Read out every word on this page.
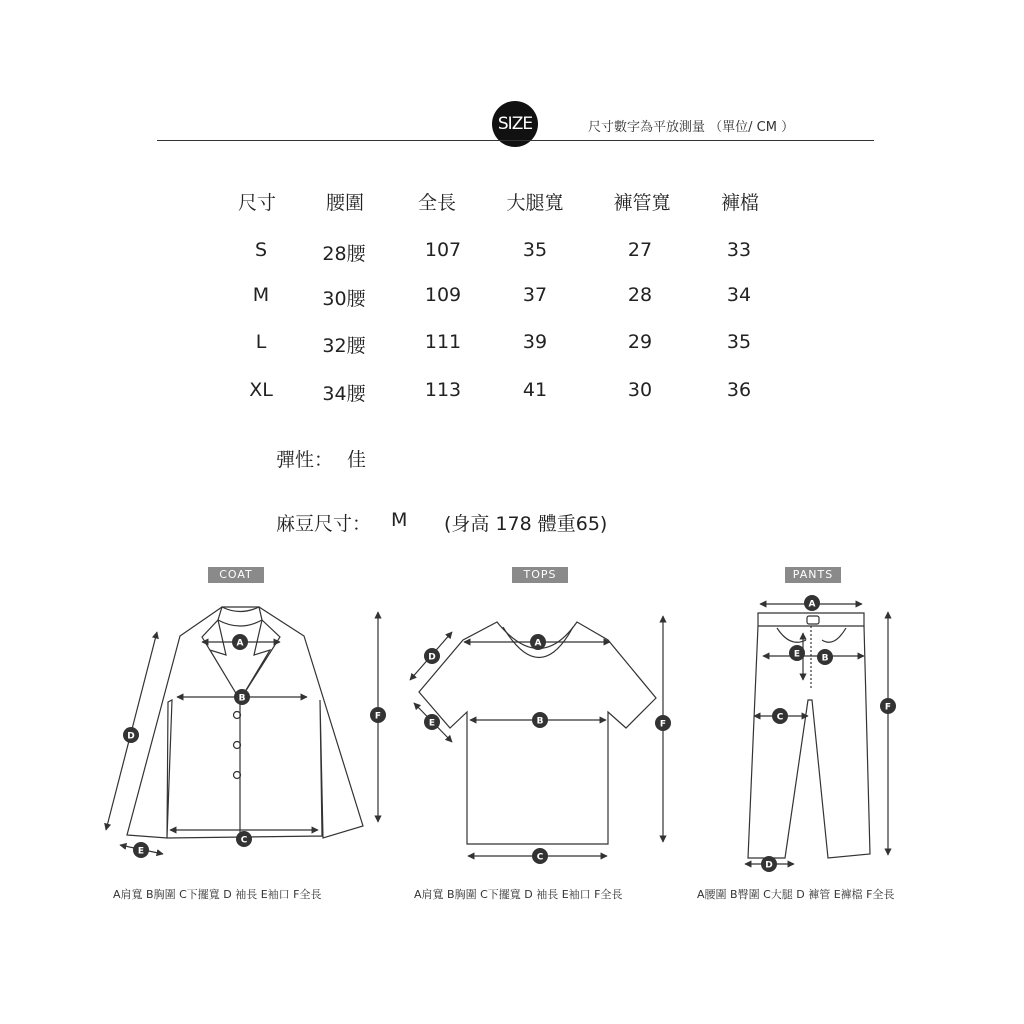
SIZE	尺寸數字為平放測量 （單位/ CM ）
尺寸	腰圍	全長	大腿寬	褲管寬	褲檔
S	28腰	107	35	27	33
M	30腰	109	37	28	34
L	32腰	111	39	29	35
XL	34腰	113	41	30	36
彈性： 佳
麻豆尺寸： M (身高 178 體重65)
COAT	TOPS	PANTS
A
B
C
D
E
F
A
B
C
D
E	F
A
B
C
D
E
F
A肩寬 B胸圍 C下擺寬 D 袖長 E袖口 F全長	A肩寬 B胸圍 C下擺寬 D 袖長 E袖口 F全長	A腰圍 B臀圍 C大腿 D 褲管 E褲檔 F全長
